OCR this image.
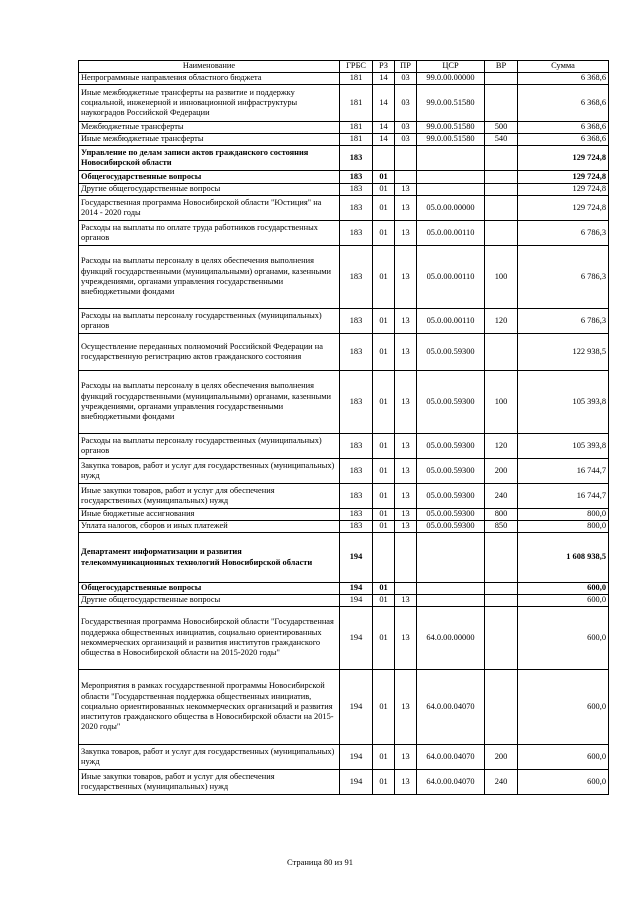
Наименование	ГРБС	РЗ	ПР	ЦСР	ВР	Сумма
Непрограммные направления областного бюджета	181	14	03	99.0.00.00000		6 368,6
Иные межбюджетные трансферты на развитие и поддержку социальной, инженерной и инновационной инфраструктуры наукоградов Российской Федерации	181	14	03	99.0.00.51580		6 368,6
Межбюджетные трансферты	181	14	03	99.0.00.51580	500	6 368,6
Иные межбюджетные трансферты	181	14	03	99.0.00.51580	540	6 368,6
Управление по делам записи актов гражданского состояния Новосибирской области	183					129 724,8
Общегосударственные вопросы	183	01				129 724,8
Другие общегосударственные вопросы	183	01	13			129 724,8
Государственная программа Новосибирской области "Юстиция" на 2014 - 2020 годы	183	01	13	05.0.00.00000		129 724,8
Расходы на выплаты по оплате труда работников государственных органов	183	01	13	05.0.00.00110		6 786,3
Расходы на выплаты персоналу в целях обеспечения выполнения функций государственными (муниципальными) органами, казенными учреждениями, органами управления государственными внебюджетными фондами	183	01	13	05.0.00.00110	100	6 786,3
Расходы на выплаты персоналу государственных (муниципальных) органов	183	01	13	05.0.00.00110	120	6 786,3
Осуществление переданных полномочий Российской Федерации на государственную регистрацию актов гражданского состояния	183	01	13	05.0.00.59300		122 938,5
Расходы на выплаты персоналу в целях обеспечения выполнения функций государственными (муниципальными) органами, казенными учреждениями, органами управления государственными внебюджетными фондами	183	01	13	05.0.00.59300	100	105 393,8
Расходы на выплаты персоналу государственных (муниципальных) органов	183	01	13	05.0.00.59300	120	105 393,8
Закупка товаров, работ и услуг для государственных (муниципальных) нужд	183	01	13	05.0.00.59300	200	16 744,7
Иные закупки товаров, работ и услуг для обеспечения государственных (муниципальных) нужд	183	01	13	05.0.00.59300	240	16 744,7
Иные бюджетные ассигнования	183	01	13	05.0.00.59300	800	800,0
Уплата налогов, сборов и иных платежей	183	01	13	05.0.00.59300	850	800,0
Департамент информатизации и развития телекоммуникационных технологий Новосибирской области	194					1 608 938,5
Общегосударственные вопросы	194	01				600,0
Другие общегосударственные вопросы	194	01	13			600,0
Государственная программа Новосибирской области "Государственная поддержка общественных инициатив, социально ориентированных некоммерческих организаций и развития институтов гражданского общества в Новосибирской области на 2015-2020 годы"	194	01	13	64.0.00.00000		600,0
Мероприятия в рамках государственной программы Новосибирской области "Государственная поддержка общественных инициатив, социально ориентированных некоммерческих организаций и развития институтов гражданского общества в Новосибирской области на 2015-2020 годы"	194	01	13	64.0.00.04070		600,0
Закупка товаров, работ и услуг для государственных (муниципальных) нужд	194	01	13	64.0.00.04070	200	600,0
Иные закупки товаров, работ и услуг для обеспечения государственных (муниципальных) нужд	194	01	13	64.0.00.04070	240	600,0
Страница 80 из 91
